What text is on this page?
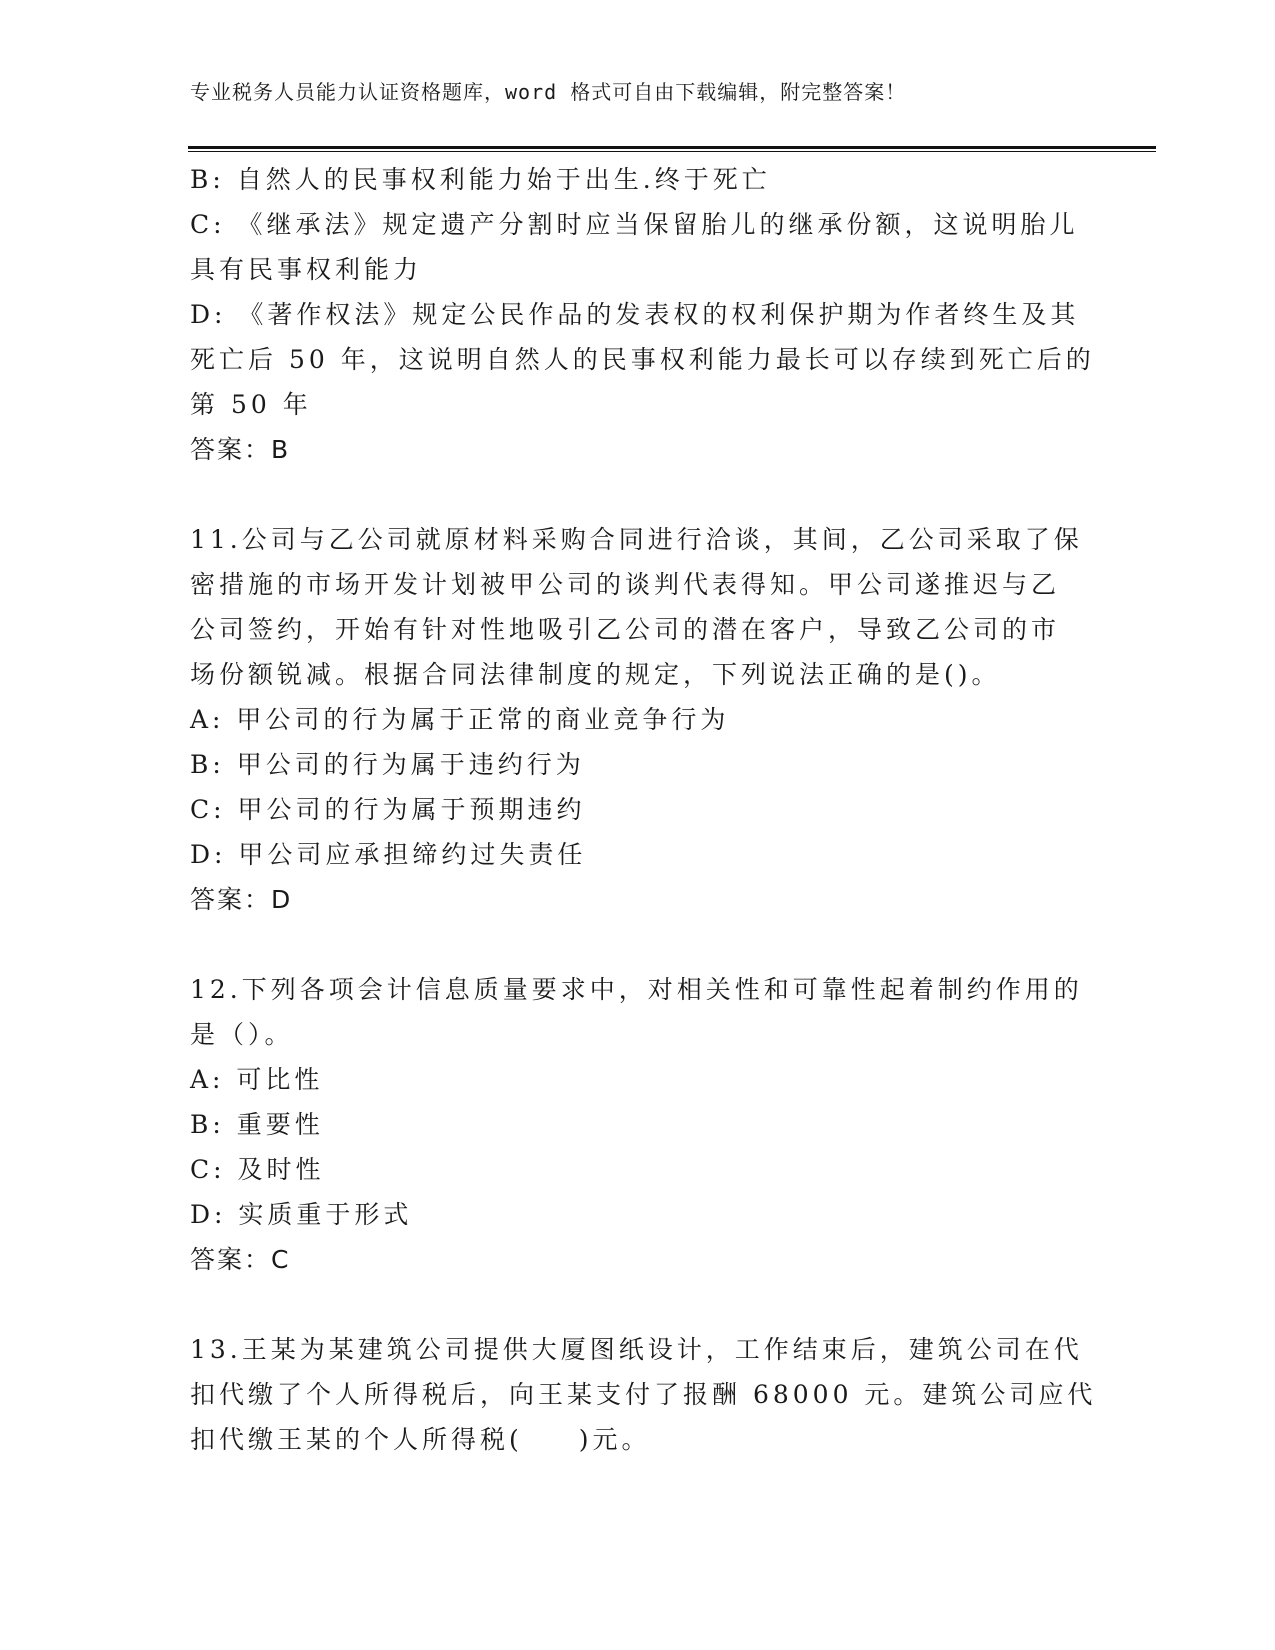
专业税务人员能力认证资格题库，word 格式可自由下载编辑，附完整答案！
B: 自然人的民事权利能力始于出生.终于死亡
C: 《继承法》规定遗产分割时应当保留胎儿的继承份额，这说明胎儿
具有民事权利能力
D: 《著作权法》规定公民作品的发表权的权利保护期为作者终生及其
死亡后 50 年，这说明自然人的民事权利能力最长可以存续到死亡后的
第 50 年
答案：B
11.公司与乙公司就原材料采购合同进行洽谈，其间，乙公司采取了保
密措施的市场开发计划被甲公司的谈判代表得知。甲公司遂推迟与乙
公司签约，开始有针对性地吸引乙公司的潜在客户，导致乙公司的市
场份额锐减。根据合同法律制度的规定，下列说法正确的是()。
A: 甲公司的行为属于正常的商业竞争行为
B: 甲公司的行为属于违约行为
C: 甲公司的行为属于预期违约
D: 甲公司应承担缔约过失责任
答案：D
12.下列各项会计信息质量要求中，对相关性和可靠性起着制约作用的
是（）。
A: 可比性
B: 重要性
C: 及时性
D: 实质重于形式
答案：C
13.王某为某建筑公司提供大厦图纸设计，工作结束后，建筑公司在代
扣代缴了个人所得税后，向王某支付了报酬 68000 元。建筑公司应代
扣代缴王某的个人所得税( )元。
